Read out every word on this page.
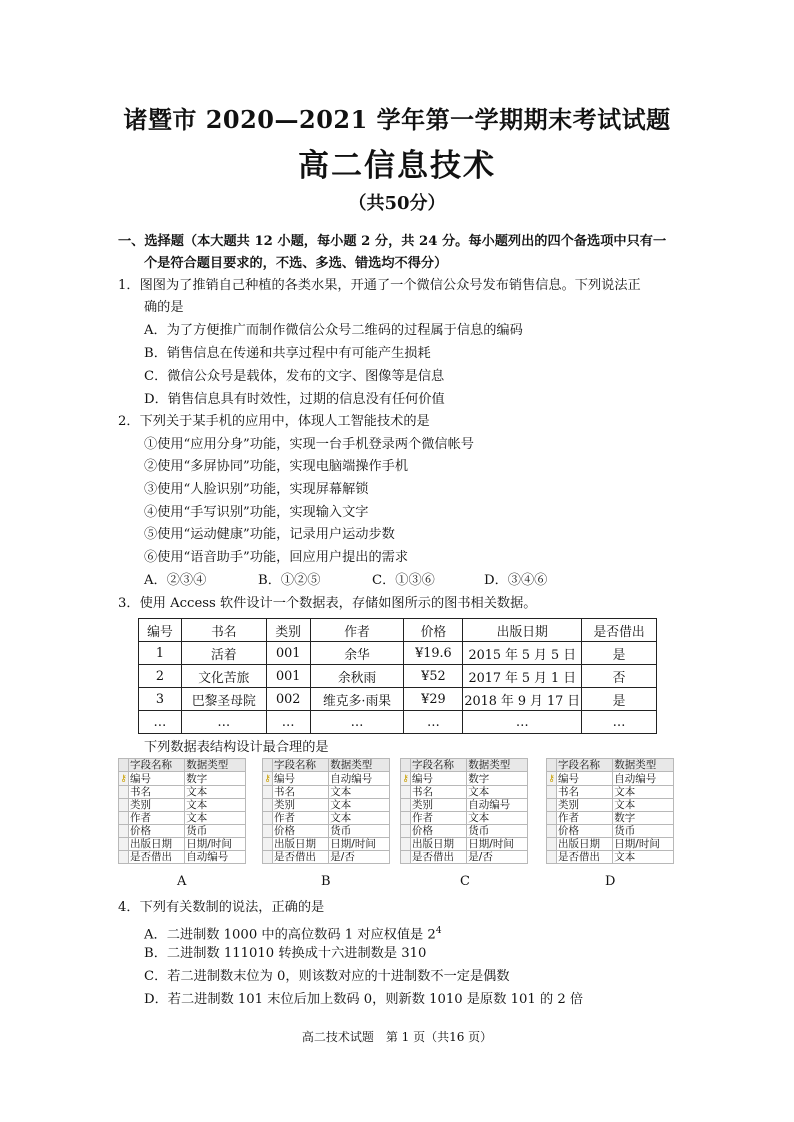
诸暨市 2020—2021 学年第一学期期末考试试题
高二信息技术
（共50分）
一、选择题（本大题共 12 小题，每小题 2 分，共 24 分。每小题列出的四个备选项中只有一
个是符合题目要求的，不选、多选、错选均不得分）
1．图图为了推销自己种植的各类水果，开通了一个微信公众号发布销售信息。下列说法正
确的是
A．为了方便推广而制作微信公众号二维码的过程属于信息的编码
B．销售信息在传递和共享过程中有可能产生损耗
C．微信公众号是载体，发布的文字、图像等是信息
D．销售信息具有时效性，过期的信息没有任何价值
2．下列关于某手机的应用中，体现人工智能技术的是
①使用“应用分身”功能，实现一台手机登录两个微信帐号
②使用“多屏协同”功能，实现电脑端操作手机
③使用“人脸识别”功能，实现屏幕解锁
④使用“手写识别”功能，实现输入文字
⑤使用“运动健康”功能，记录用户运动步数
⑥使用“语音助手”功能，回应用户提出的需求
A．②③④	B．①②⑤	C．①③⑥	D．③④⑥
3．使用 Access 软件设计一个数据表，存储如图所示的图书相关数据。
编号	书名	类别	作者	价格	出版日期	是否借出
1	活着	001	余华	¥19.6	2015 年 5 月 5 日	是
2	文化苦旅	001	余秋雨	¥52	2017 年 5 月 1 日	否
3	巴黎圣母院	002	维克多·雨果	¥29	2018 年 9 月 17 日	是
…	…	…	…	…	…	…
下列数据表结构设计最合理的是
	字段名称	数据类型
⚷	编号	数字
	书名	文本
	类别	文本
	作者	文本
	价格	货币
	出版日期	日期/时间
	是否借出	自动编号
	字段名称	数据类型
⚷	编号	自动编号
	书名	文本
	类别	文本
	作者	文本
	价格	货币
	出版日期	日期/时间
	是否借出	是/否
	字段名称	数据类型
⚷	编号	数字
	书名	文本
	类别	自动编号
	作者	文本
	价格	货币
	出版日期	日期/时间
	是否借出	是/否
	字段名称	数据类型
⚷	编号	自动编号
	书名	文本
	类别	文本
	作者	数字
	价格	货币
	出版日期	日期/时间
	是否借出	文本
A	B	C	D
4．下列有关数制的说法，正确的是
A．二进制数 1000 中的高位数码 1 对应权值是 $2^4$
B．二进制数 111010 转换成十六进制数是 310
C．若二进制数末位为 0，则该数对应的十进制数不一定是偶数
D．若二进制数 101 末位后加上数码 0，则新数 1010 是原数 101 的 2 倍
高二技术试题　第 1 页（共16 页）
